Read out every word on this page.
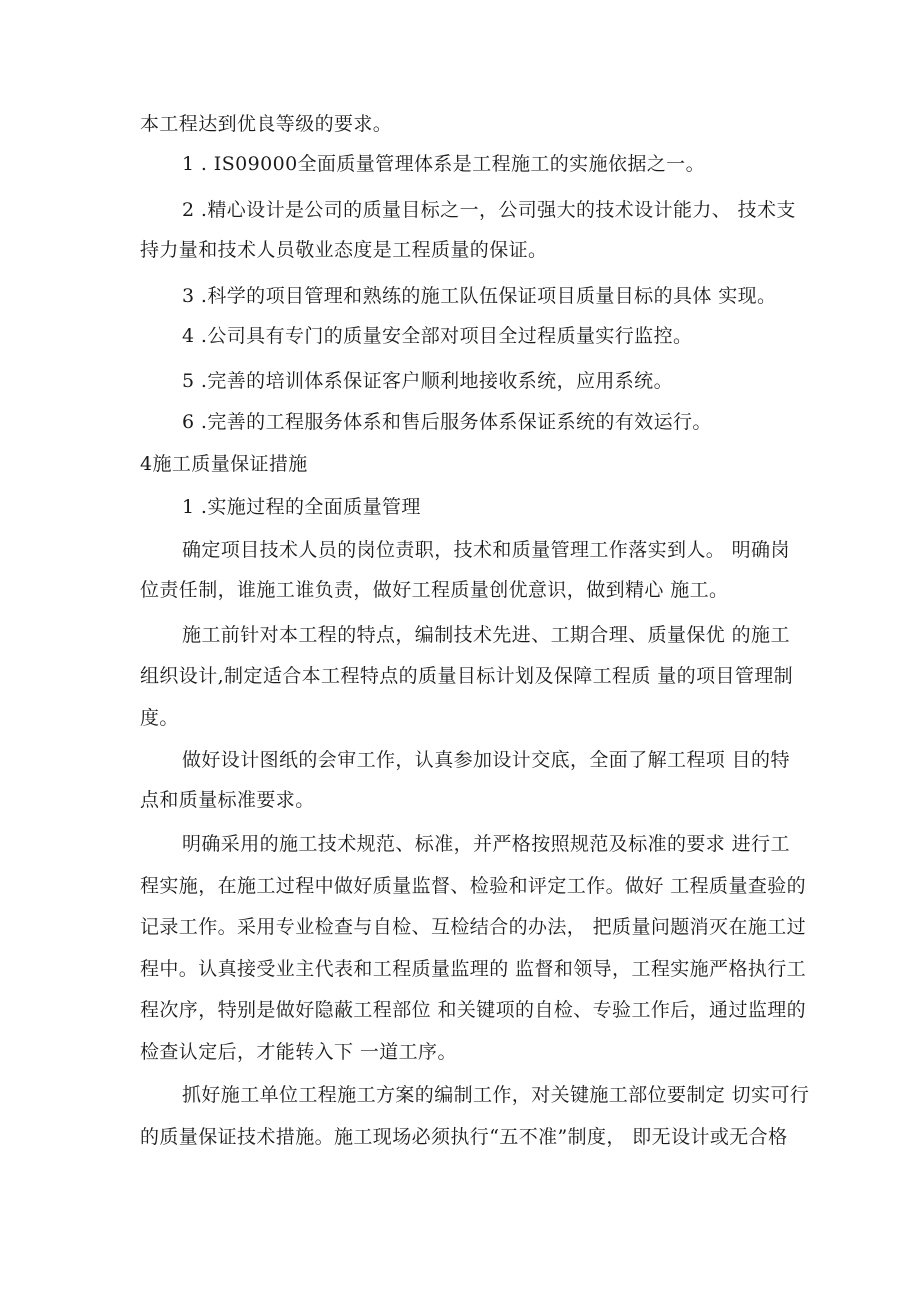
本工程达到优良等级的要求。
1 . IS09000全面质量管理体系是工程施工的实施依据之一。
2 .精心设计是公司的质量目标之一，公司强大的技术设计能力、 技术支
持力量和技术人员敬业态度是工程质量的保证。
3 .科学的项目管理和熟练的施工队伍保证项目质量目标的具体 实现。
4 .公司具有专门的质量安全部对项目全过程质量实行监控。
5 .完善的培训体系保证客户顺利地接收系统，应用系统。
6 .完善的工程服务体系和售后服务体系保证系统的有效运行。
4施工质量保证措施
1 .实施过程的全面质量管理
确定项目技术人员的岗位责职，技术和质量管理工作落实到人。 明确岗
位责任制，谁施工谁负责，做好工程质量创优意识，做到精心 施工。
施工前针对本工程的特点，编制技术先进、工期合理、质量保优 的施工
组织设计,制定适合本工程特点的质量目标计划及保障工程质 量的项目管理制
度。
做好设计图纸的会审工作，认真参加设计交底，全面了解工程项 目的特
点和质量标准要求。
明确采用的施工技术规范、标准，并严格按照规范及标准的要求 进行工
程实施，在施工过程中做好质量监督、检验和评定工作。做好 工程质量查验的
记录工作。采用专业检查与自检、互检结合的办法， 把质量问题消灭在施工过
程中。认真接受业主代表和工程质量监理的 监督和领导，工程实施严格执行工
程次序，特别是做好隐蔽工程部位 和关键项的自检、专验工作后，通过监理的
检查认定后，才能转入下 一道工序。
抓好施工单位工程施工方案的编制工作，对关键施工部位要制定 切实可行
的质量保证技术措施。施工现场必须执行“五不准”制度， 即无设计或无合格
